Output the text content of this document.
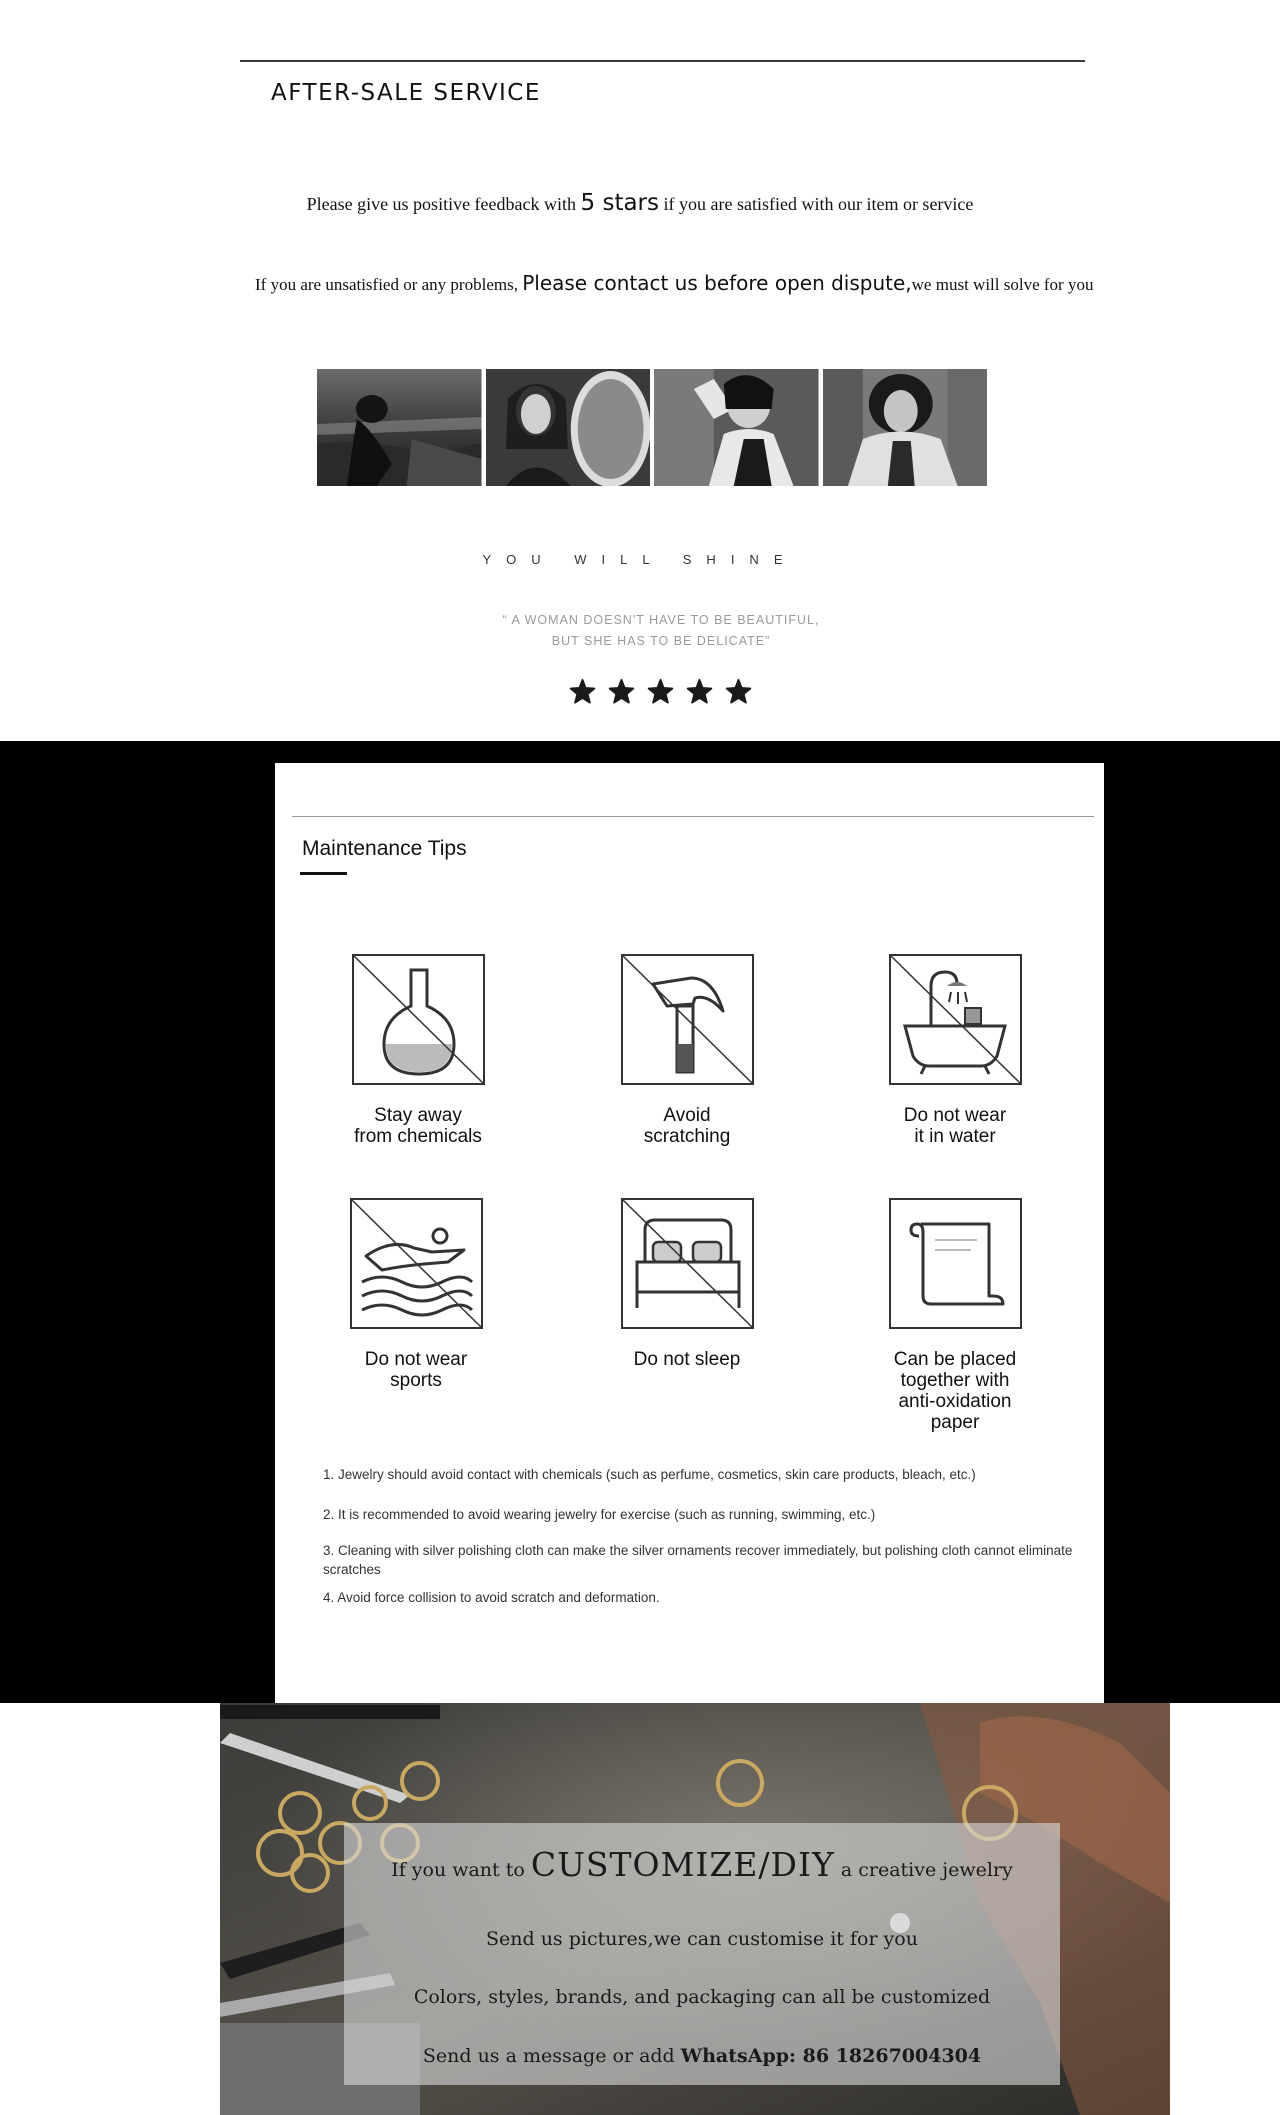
AFTER-SALE SERVICE
Please give us positive feedback with 5 stars if you are satisfied with our item or service
If you are unsatisfied or any problems, Please contact us before open dispute,we must will solve for you
YOU WILL SHINE
“ A WOMAN DOESN'T HAVE TO BE BEAUTIFUL,
BUT SHE HAS TO BE DELICATE”
Maintenance Tips
Stay away
from chemicals
Avoid
scratching
Do not wear
it in water
Do not wear
sports
Do not sleep	Can be placed
together with
anti-oxidation
paper
1. Jewelry should avoid contact with chemicals (such as perfume, cosmetics, skin care products, bleach, etc.)
2. It is recommended to avoid wearing jewelry for exercise (such as running, swimming, etc.)
3. Cleaning with silver polishing cloth can make the silver ornaments recover immediately, but polishing cloth cannot eliminate scratches
4. Avoid force collision to avoid scratch and deformation.
If you want to CUSTOMIZE/DIY a creative jewelry
Send us pictures,we can customise it for you
Colors, styles, brands, and packaging can all be customized
Send us a message or add WhatsApp: 86 18267004304
